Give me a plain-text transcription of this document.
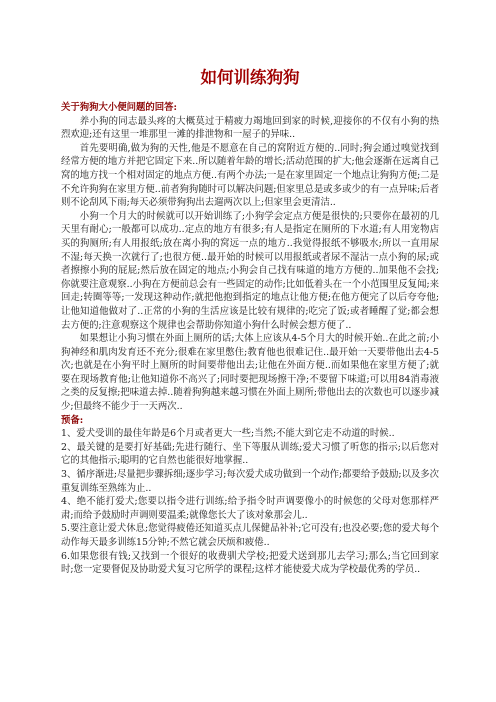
如何训练狗狗

关于狗狗大小便问题的回答:

养小狗的同志最头疼的大概莫过于精疲力竭地回到家的时候,迎接你的不仅有小狗的热烈欢迎;还有这里一堆那里一滩的排泄物和一屋子的异味..

首先要明确,做为狗的天性,他是不愿意在自己的窝附近方便的..同时;狗会通过嗅觉找到经常方便的地方并把它固定下来..所以随着年龄的增长;活动范围的扩大;他会逐渐在远离自己窝的地方找一个相对固定的地点方便..有两个办法;一是在家里固定一个地点让狗狗方便;二是不允许狗狗在家里方便..前者狗狗随时可以解决问题;但家里总是或多或少的有一点异味;后者则不论刮风下雨;每天必须带狗狗出去遛两次以上;但家里会更清洁..

小狗一个月大的时候就可以开始训练了;小狗学会定点方便是很快的;只要你在最初的几天里有耐心;一般都可以成功..定点的地方有很多;有人是指定在厕所的下水道;有人用宠物店买的狗厕所;有人用报纸;放在离小狗的窝远一点的地方..我觉得报纸不够吸水;所以一直用尿不湿;每天换一次就行了;也很方便..最开始的时候可以用报纸或者尿不湿沾一点小狗的尿;或者擦擦小狗的屁屁;然后放在固定的地点;小狗会自己找有味道的地方方便的..加果他不会找;你就要注意观察..小狗在方便前总会有一些固定的动作;比如低着头在一个小范围里反复闻;来回走;转圈等等;一发现这种动作;就把他抱到指定的地点让他方便;在他方便完了以后夸夸他;让他知道他做对了..正常的小狗的生活应该是比较有规律的;吃完了饭;或者睡醒了觉;都会想去方便的;注意观察这个规律也会帮助你知道小狗什么时候会想方便了..

如果想让小狗习惯在外面上厕所的话;大体上应该从4-5个月大的时候开始..在此之前;小狗神经和肌肉发育还不充分;很难在家里憋住;教育他也很难记住..最开始一天要带他出去4-5次;也就是在小狗平时上厕所的时间要带他出去;让他在外面方便..而如果他在家里方便了;就要在现场教育他;让他知道你不高兴了;同时要把现场擦干净;不要留下味道;可以用84消毒液之类的反复擦;把味道去掉..随着狗狗越来越习惯在外面上厕所;带他出去的次数也可以逐步减少;但最终不能少于一天两次..

预备:

1、爱犬受训的最佳年龄是6个月或者更大一些;当然;不能大到它走不动道的时候..

2、最关键的是要打好基础;先进行随行、坐下等服从训练;爱犬习惯了听您的指示;以后您对它的其他指示;聪明的它自然也能很好地掌握..

3、循序渐进;尽量把步骤拆细;逐步学习;每次爱犬成功做到一个动作;都要给予鼓励;以及多次重复训练至熟练为止..

4、绝不能打爱犬;您要以指令进行训练;给予指令时声调要像小的时候您的父母对您那样严肃;而给予鼓励时声调则要温柔;就像您长大了该对象那会儿..

5.要注意让爱犬休息;您觉得疲倦还知道买点儿保健品补补;它可没有;也没必要;您的爱犬每个动作每天最多训练15分钟;不然它就会厌烦和疲倦..

6.如果您很有钱;又找到一个很好的收费驯犬学校;把爱犬送到那儿去学习;那么;当它回到家时;您一定要督促及协助爱犬复习它所学的课程;这样才能使爱犬成为学校最优秀的学员..
